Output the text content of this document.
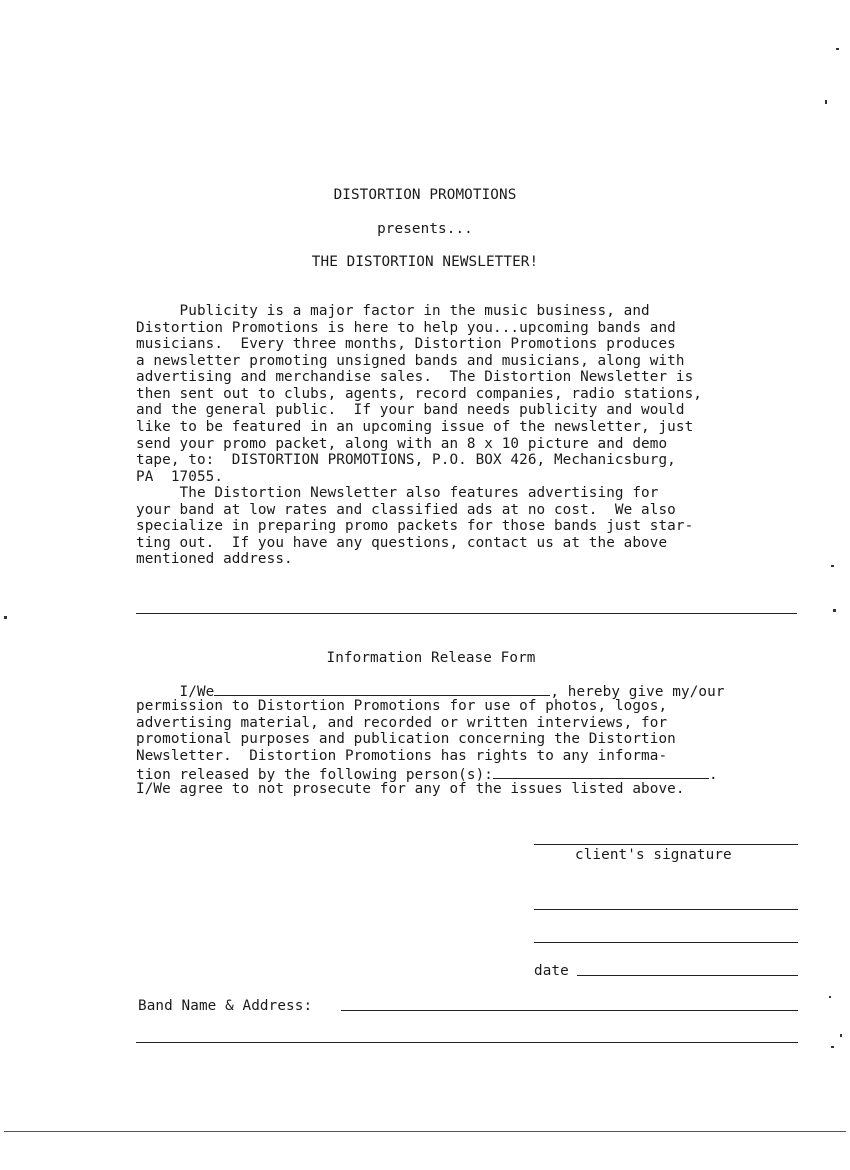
DISTORTION PROMOTIONS
presents...
THE DISTORTION NEWSLETTER!
Publicity is a major factor in the music business, and
Distortion Promotions is here to help you...upcoming bands and
musicians.  Every three months, Distortion Promotions produces
a newsletter promoting unsigned bands and musicians, along with
advertising and merchandise sales.  The Distortion Newsletter is
then sent out to clubs, agents, record companies, radio stations,
and the general public.  If your band needs publicity and would
like to be featured in an upcoming issue of the newsletter, just
send your promo packet, along with an 8 x 10 picture and demo
tape, to:  DISTORTION PROMOTIONS, P.O. BOX 426, Mechanicsburg,
PA  17055.
The Distortion Newsletter also features advertising for
your band at low rates and classified ads at no cost.  We also
specialize in preparing promo packets for those bands just star-
ting out.  If you have any questions, contact us at the above
mentioned address.
Information Release Form
I/We	, hereby give my/our
permission to Distortion Promotions for use of photos, logos,
advertising material, and recorded or written interviews, for
promotional purposes and publication concerning the Distortion
Newsletter.  Distortion Promotions has rights to any informa-
tion released by the following person(s):	.
I/We agree to not prosecute for any of the issues listed above.
client's signature
date
Band Name & Address:
